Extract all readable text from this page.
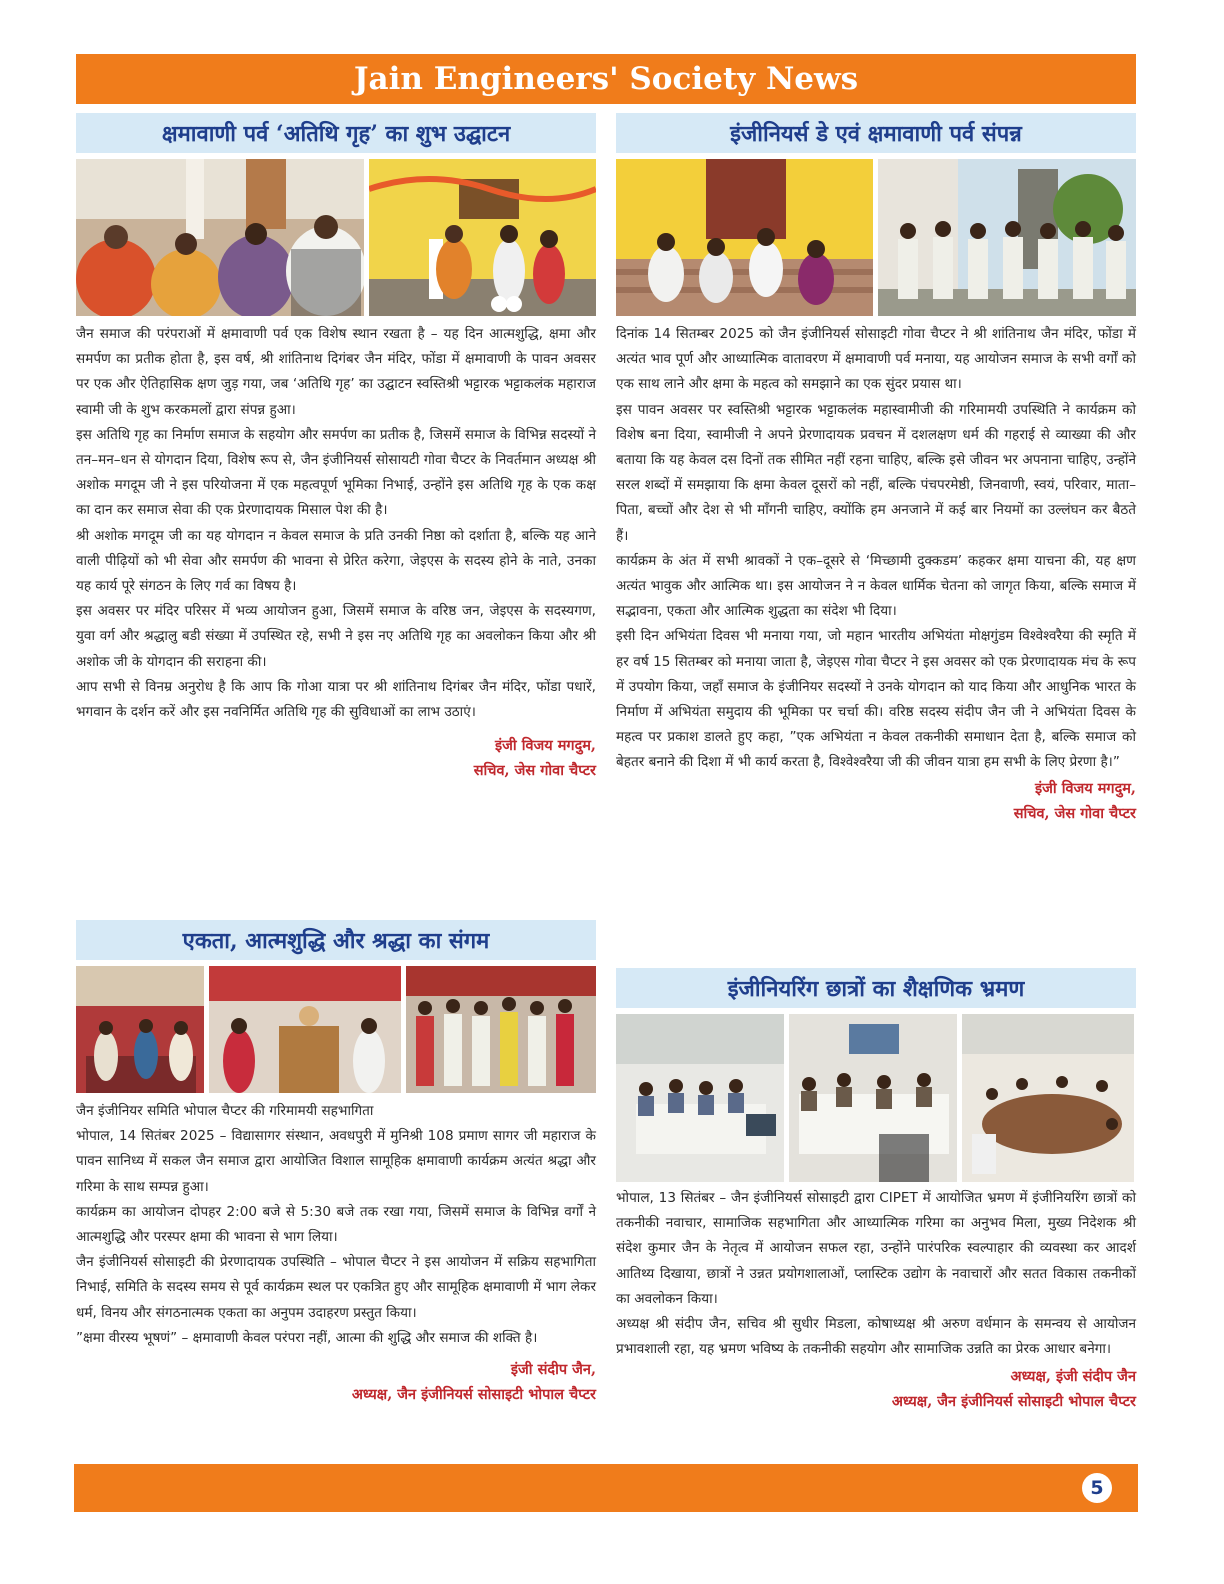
Jain Engineers' Society News
क्षमावाणी पर्व ‘अतिथि गृह’ का शुभ उद्घाटन

जैन समाज की परंपराओं में क्षमावाणी पर्व एक विशेष स्थान रखता है – यह दिन आत्मशुद्धि, क्षमा और समर्पण का प्रतीक होता है, इस वर्ष, श्री शांतिनाथ दिगंबर जैन मंदिर, फोंडा में क्षमावाणी के पावन अवसर पर एक और ऐतिहासिक क्षण जुड़ गया, जब ‘अतिथि गृह’ का उद्घाटन स्वस्तिश्री भट्टारक भट्टाकलंक महाराज स्वामी जी के शुभ करकमलों द्वारा संपन्न हुआ।

इस अतिथि गृह का निर्माण समाज के सहयोग और समर्पण का प्रतीक है, जिसमें समाज के विभिन्न सदस्यों ने तन–मन–धन से योगदान दिया, विशेष रूप से, जैन इंजीनियर्स सोसायटी गोवा चैप्टर के निवर्तमान अध्यक्ष श्री अशोक मगदूम जी ने इस परियोजना में एक महत्वपूर्ण भूमिका निभाई, उन्होंने इस अतिथि गृह के एक कक्ष का दान कर समाज सेवा की एक प्रेरणादायक मिसाल पेश की है।

श्री अशोक मगदूम जी का यह योगदान न केवल समाज के प्रति उनकी निष्ठा को दर्शाता है, बल्कि यह आने वाली पीढ़ियों को भी सेवा और समर्पण की भावना से प्रेरित करेगा, जेइएस के सदस्य होने के नाते, उनका यह कार्य पूरे संगठन के लिए गर्व का विषय है।

इस अवसर पर मंदिर परिसर में भव्य आयोजन हुआ, जिसमें समाज के वरिष्ठ जन, जेइएस के सदस्यगण, युवा वर्ग और श्रद्धालु बडी संख्या में उपस्थित रहे, सभी ने इस नए अतिथि गृह का अवलोकन किया और श्री अशोक जी के योगदान की सराहना की।

आप सभी से विनम्र अनुरोध है कि आप कि गोआ यात्रा पर श्री शांतिनाथ दिगंबर जैन मंदिर, फोंडा पधारें, भगवान के दर्शन करें और इस नवनिर्मित अतिथि गृह की सुविधाओं का लाभ उठाएं।

इंजी विजय मगदुम,
सचिव, जेस गोवा चैप्टर
इंजीनियर्स डे एवं क्षमावाणी पर्व संपन्न

दिनांक 14 सितम्बर 2025 को जैन इंजीनियर्स सोसाइटी गोवा चैप्टर ने श्री शांतिनाथ जैन मंदिर, फोंडा में अत्यंत भाव पूर्ण और आध्यात्मिक वातावरण में क्षमावाणी पर्व मनाया, यह आयोजन समाज के सभी वर्गों को एक साथ लाने और क्षमा के महत्व को समझाने का एक सुंदर प्रयास था।

इस पावन अवसर पर स्वस्तिश्री भट्टारक भट्टाकलंक महास्वामीजी की गरिमामयी उपस्थिति ने कार्यक्रम को विशेष बना दिया, स्वामीजी ने अपने प्रेरणादायक प्रवचन में दशलक्षण धर्म की गहराई से व्याख्या की और बताया कि यह केवल दस दिनों तक सीमित नहीं रहना चाहिए, बल्कि इसे जीवन भर अपनाना चाहिए, उन्होंने सरल शब्दों में समझाया कि क्षमा केवल दूसरों को नहीं, बल्कि पंचपरमेष्ठी, जिनवाणी, स्वयं, परिवार, माता–पिता, बच्चों और देश से भी माँगनी चाहिए, क्योंकि हम अनजाने में कई बार नियमों का उल्लंघन कर बैठते हैं।

कार्यक्रम के अंत में सभी श्रावकों ने एक–दूसरे से ‘मिच्छामी दुक्कडम’ कहकर क्षमा याचना की, यह क्षण अत्यंत भावुक और आत्मिक था। इस आयोजन ने न केवल धार्मिक चेतना को जागृत किया, बल्कि समाज में सद्भावना, एकता और आत्मिक शुद्धता का संदेश भी दिया।

इसी दिन अभियंता दिवस भी मनाया गया, जो महान भारतीय अभियंता मोक्षगुंडम विश्वेश्वरैया की स्मृति में हर वर्ष 15 सितम्बर को मनाया जाता है, जेइएस गोवा चैप्टर ने इस अवसर को एक प्रेरणादायक मंच के रूप में उपयोग किया, जहाँ समाज के इंजीनियर सदस्यों ने उनके योगदान को याद किया और आधुनिक भारत के निर्माण में अभियंता समुदाय की भूमिका पर चर्चा की। वरिष्ठ सदस्य संदीप जैन जी ने अभियंता दिवस के महत्व पर प्रकाश डालते हुए कहा, ”एक अभियंता न केवल तकनीकी समाधान देता है, बल्कि समाज को बेहतर बनाने की दिशा में भी कार्य करता है, विश्वेश्वरैया जी की जीवन यात्रा हम सभी के लिए प्रेरणा है।”

इंजी विजय मगदुम,
सचिव, जेस गोवा चैप्टर
एकता, आत्मशुद्धि और श्रद्धा का संगम

जैन इंजीनियर समिति भोपाल चैप्टर की गरिमामयी सहभागिता

भोपाल, 14 सितंबर 2025 – विद्यासागर संस्थान, अवधपुरी में मुनिश्री 108 प्रमाण सागर जी महाराज के पावन सानिध्य में सकल जैन समाज द्वारा आयोजित विशाल सामूहिक क्षमावाणी कार्यक्रम अत्यंत श्रद्धा और गरिमा के साथ सम्पन्न हुआ।

कार्यक्रम का आयोजन दोपहर 2:00 बजे से 5:30 बजे तक रखा गया, जिसमें समाज के विभिन्न वर्गों ने आत्मशुद्धि और परस्पर क्षमा की भावना से भाग लिया।

जैन इंजीनियर्स सोसाइटी की प्रेरणादायक उपस्थिति – भोपाल चैप्टर ने इस आयोजन में सक्रिय सहभागिता निभाई, समिति के सदस्य समय से पूर्व कार्यक्रम स्थल पर एकत्रित हुए और सामूहिक क्षमावाणी में भाग लेकर धर्म, विनय और संगठनात्मक एकता का अनुपम उदाहरण प्रस्तुत किया।

”क्षमा वीरस्य भूषणं” – क्षमावाणी केवल परंपरा नहीं, आत्मा की शुद्धि और समाज की शक्ति है।

इंजी संदीप जैन,
अध्यक्ष, जैन इंजीनियर्स सोसाइटी भोपाल चैप्टर
इंजीनियरिंग छात्रों का शैक्षणिक भ्रमण

भोपाल, 13 सितंबर – जैन इंजीनियर्स सोसाइटी द्वारा CIPET में आयोजित भ्रमण में इंजीनियरिंग छात्रों को तकनीकी नवाचार, सामाजिक सहभागिता और आध्यात्मिक गरिमा का अनुभव मिला, मुख्य निदेशक श्री संदेश कुमार जैन के नेतृत्व में आयोजन सफल रहा, उन्होंने पारंपरिक स्वल्पाहार की व्यवस्था कर आदर्श आतिथ्य दिखाया, छात्रों ने उन्नत प्रयोगशालाओं, प्लास्टिक उद्योग के नवाचारों और सतत विकास तकनीकों का अवलोकन किया।

अध्यक्ष श्री संदीप जैन, सचिव श्री सुधीर मिडला, कोषाध्यक्ष श्री अरुण वर्धमान के समन्वय से आयोजन प्रभावशाली रहा, यह भ्रमण भविष्य के तकनीकी सहयोग और सामाजिक उन्नति का प्रेरक आधार बनेगा।

अध्यक्ष, इंजी संदीप जैन
अध्यक्ष, जैन इंजीनियर्स सोसाइटी भोपाल चैप्टर
5
